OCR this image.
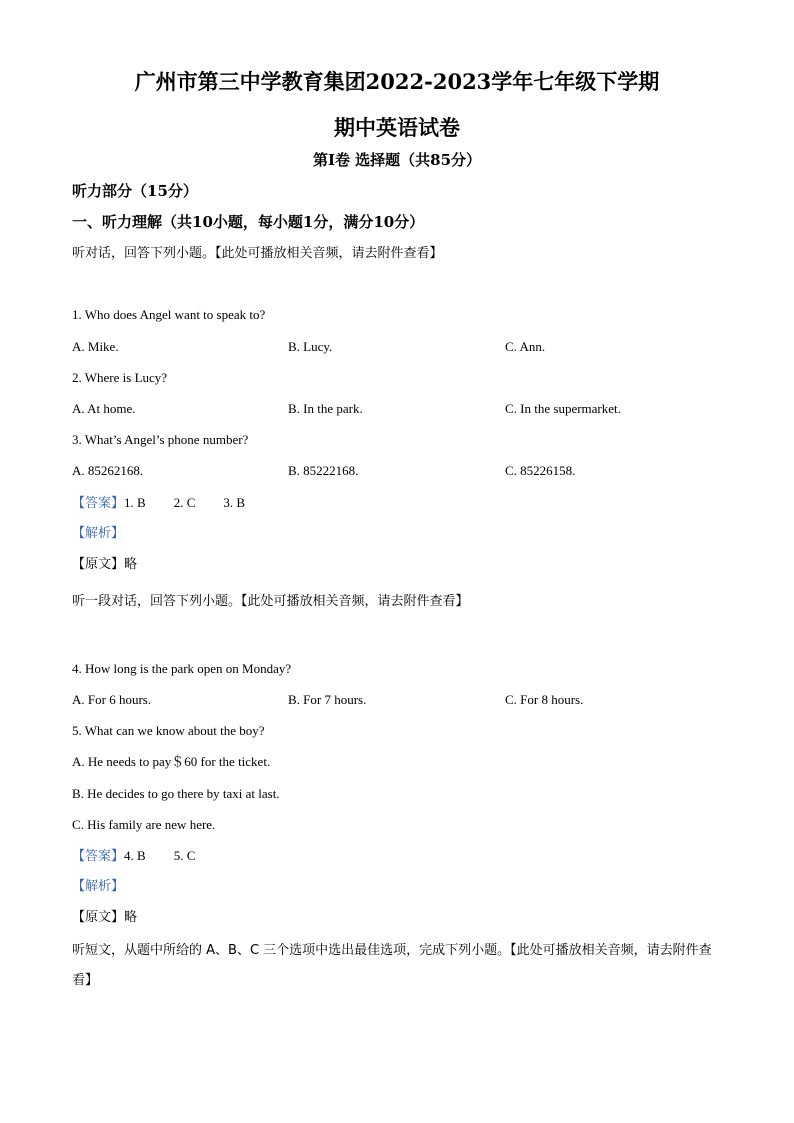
广州市第三中学教育集团2022-2023学年七年级下学期
期中英语试卷
第I卷 选择题（共85分）
听力部分（15分）
一、听力理解（共10小题，每小题1分，满分10分）
听对话，回答下列小题。【此处可播放相关音频，请去附件查看】
1. Who does Angel want to speak to?
A. Mike.	B. Lucy.	C. Ann.
2. Where is Lucy?
A. At home.	B. In the park.	C. In the supermarket.
3. What’s Angel’s phone number?
A. 85262168.	B. 85222168.	C. 85226158.
【答案】1. B 2. C 3. B
【解析】
【原文】略
听一段对话，回答下列小题。【此处可播放相关音频，请去附件查看】
4. How long is the park open on Monday?
A. For 6 hours.	B. For 7 hours.	C. For 8 hours.
5. What can we know about the boy?
A. He needs to pay＄60 for the ticket.
B. He decides to go there by taxi at last.
C. His family are new here.
【答案】4. B 5. C
【解析】
【原文】略
听短文，从题中所给的 A、B、C 三个选项中选出最佳选项，完成下列小题。【此处可播放相关音频，请去附件查看】
